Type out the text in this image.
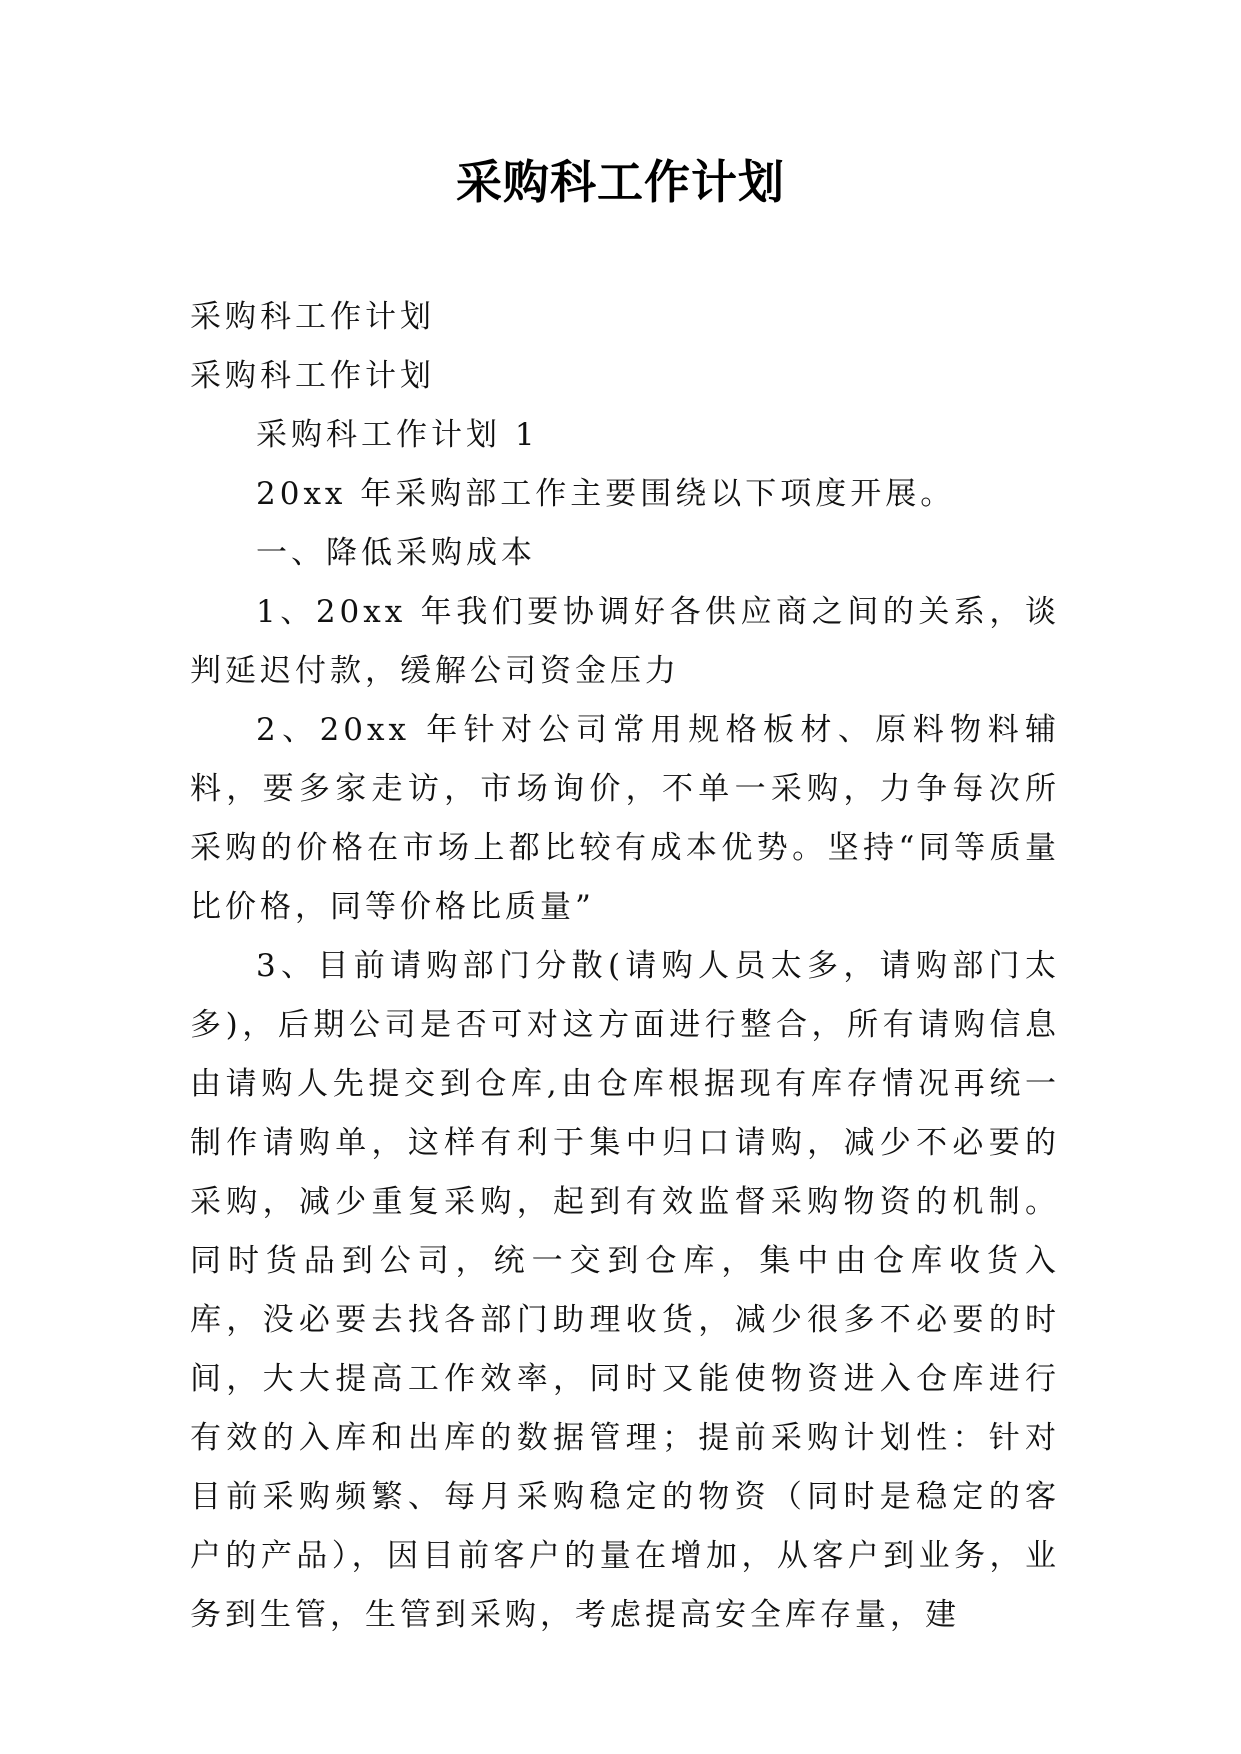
采购科工作计划

采购科工作计划

采购科工作计划

采购科工作计划 1

20xx 年采购部工作主要围绕以下项度开展。

一、降低采购成本

1、20xx 年我们要协调好各供应商之间的关系，谈判延迟付款，缓解公司资金压力

2、20xx 年针对公司常用规格板材、原料物料辅料，要多家走访，市场询价，不单一采购，力争每次所采购的价格在市场上都比较有成本优势。坚持“同等质量比价格，同等价格比质量”

3、目前请购部门分散(请购人员太多，请购部门太多)，后期公司是否可对这方面进行整合，所有请购信息由请购人先提交到仓库,由仓库根据现有库存情况再统一制作请购单，这样有利于集中归口请购，减少不必要的采购，减少重复采购，起到有效监督采购物资的机制。同时货品到公司，统一交到仓库，集中由仓库收货入库，没必要去找各部门助理收货，减少很多不必要的时间，大大提高工作效率，同时又能使物资进入仓库进行有效的入库和出库的数据管理；提前采购计划性：针对目前采购频繁、每月采购稳定的物资（同时是稳定的客户的产品），因目前客户的量在增加，从客户到业务，业务到生管，生管到采购，考虑提高安全库存量，建
